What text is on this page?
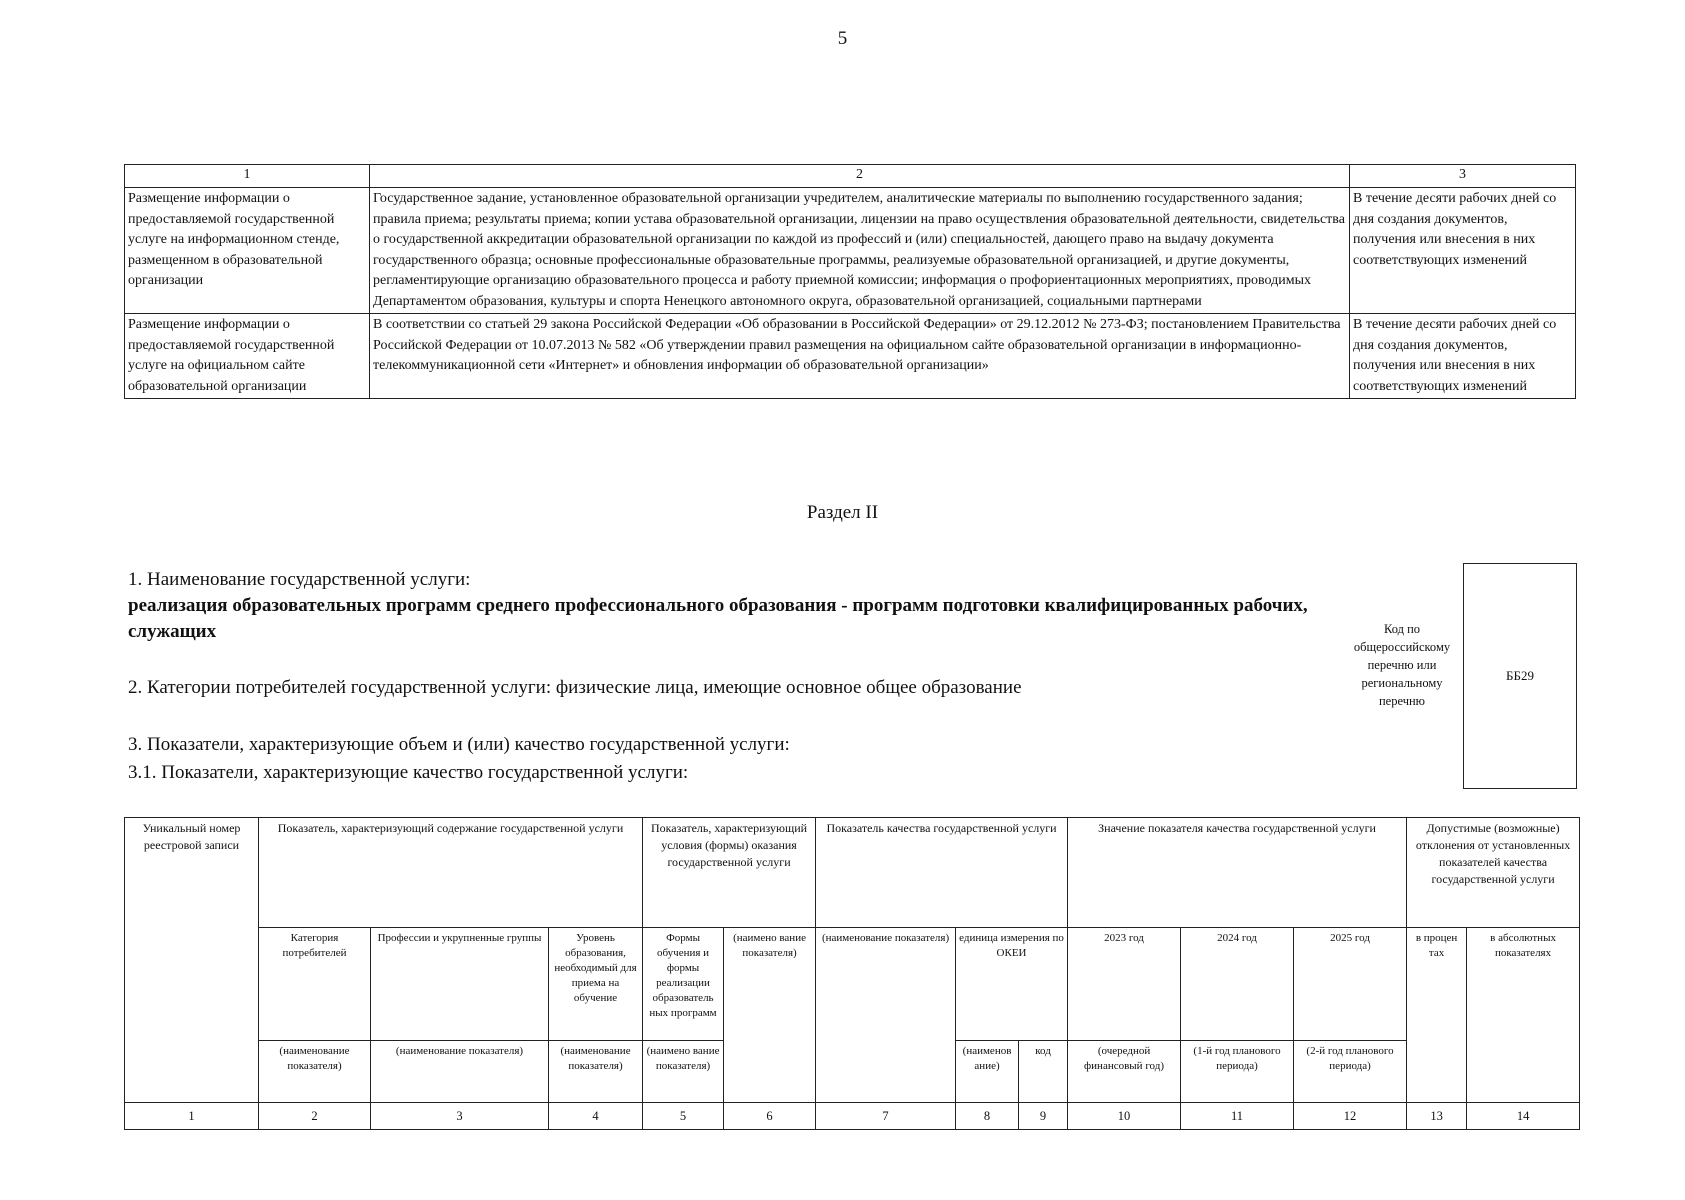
5
1	2	3
Размещение информации о предоставляемой государственной услуге на информационном стенде, размещенном в образовательной организации	Государственное задание, установленное образовательной организации учредителем, аналитические материалы по выполнению государственного задания; правила приема; результаты приема; копии устава образовательной организации, лицензии на право осуществления образовательной деятельности, свидетельства о государственной аккредитации образовательной организации по каждой из профессий и (или) специальностей, дающего право на выдачу документа государственного образца; основные профессиональные образовательные программы, реализуемые образовательной организацией, и другие документы, регламентирующие организацию образовательного процесса и работу приемной комиссии; информация о профориентационных мероприятиях, проводимых Департаментом образования, культуры и спорта Ненецкого автономного округа, образовательной организацией, социальными партнерами	В течение десяти рабочих дней со дня создания документов, получения или внесения в них соответствующих изменений
Размещение информации о предоставляемой государственной услуге на официальном сайте образовательной организации	В соответствии со статьей 29 закона Российской Федерации «Об образовании в Российской Федерации» от 29.12.2012 № 273-ФЗ; постановлением Правительства Российской Федерации от 10.07.2013 № 582 «Об утверждении правил размещения на официальном сайте образовательной организации в информационно-телекоммуникационной сети «Интернет» и обновления информации об образовательной организации»	В течение десяти рабочих дней со дня создания документов, получения или внесения в них соответствующих изменений
Раздел II
1. Наименование государственной услуги:
реализация образовательных программ среднего профессионального образования - программ подготовки квалифицированных рабочих, служащих
2. Категории потребителей государственной услуги: физические лица, имеющие основное общее образование
3. Показатели, характеризующие объем и (или) качество государственной услуги:
3.1. Показатели, характеризующие качество государственной услуги:
Код по общероссийскому перечню или региональному перечню
ББ29
Уникальный номер реестровой записи	Показатель, характеризующий содержание государственной услуги			Показатель, характеризующий условия (формы) оказания государственной услуги		Показатель качества государственной услуги			Значение показателя качества государственной услуги			Допустимые (возможные) отклонения от установленных показателей качества государственной услуги	
	Категория потребителей	Профессии и укрупненные группы	Уровень образования, необходимый для приема на обучение	Формы обучения и формы реализации образователь ных программ	(наимено вание показателя)	(наименование показателя)	единица измерения по ОКЕИ		2023 год	2024 год	2025 год	в процен тах	в абсолютных показателях
	(наименование показателя)	(наименование показателя)	(наименование показателя)	(наимено вание показателя)			(наименов ание)	код	(очередной финансовый год)	(1-й год планового периода)	(2-й год планового периода)		
1	2	3	4	5	6	7	8	9	10	11	12	13	14
